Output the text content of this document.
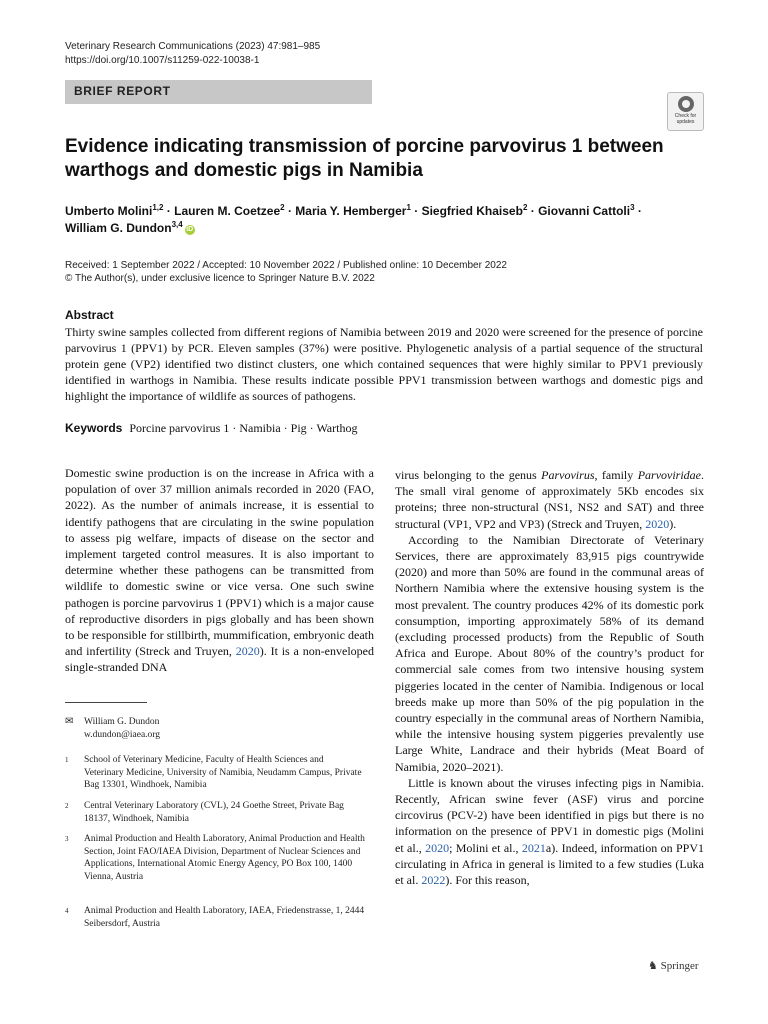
Veterinary Research Communications (2023) 47:981–985
https://doi.org/10.1007/s11259-022-10038-1
BRIEF REPORT
Check for updates
Evidence indicating transmission of porcine parvovirus 1 between warthogs and domestic pigs in Namibia
Umberto Molini$^{1,2}$ · Lauren M. Coetzee$^2$ · Maria Y. Hemberger$^1$ · Siegfried Khaiseb$^2$ · Giovanni Cattoli$^3$ ·
William G. Dundon$^{3,4}$iD
Received: 1 September 2022 / Accepted: 10 November 2022 / Published online: 10 December 2022
© The Author(s), under exclusive licence to Springer Nature B.V. 2022
Abstract
Thirty swine samples collected from different regions of Namibia between 2019 and 2020 were screened for the presence of porcine parvovirus 1 (PPV1) by PCR. Eleven samples (37%) were positive. Phylogenetic analysis of a partial sequence of the structural protein gene (VP2) identified two distinct clusters, one which contained sequences that were highly similar to PPV1 previously identified in warthogs in Namibia. These results indicate possible PPV1 transmission between warthogs and domestic pigs and highlight the importance of wildlife as sources of pathogens.
Keywords Porcine parvovirus 1 · Namibia · Pig · Warthog

Domestic swine production is on the increase in Africa with a population of over 37 million animals recorded in 2020 (FAO, 2022). As the number of animals increase, it is essential to identify pathogens that are circulating in the swine population to assess pig welfare, impacts of disease on the sector and implement targeted control measures. It is also important to determine whether these pathogens can be transmitted from wildlife to domestic swine or vice versa. One such swine pathogen is porcine parvovirus 1 (PPV1) which is a major cause of reproductive disorders in pigs globally and has been shown to be responsible for stillbirth, mummification, embryonic death and infertility (Streck and Truyen, 2020). It is a non-enveloped single-stranded DNA

✉ William G. Dundon
w.dundon@iaea.org
1 School of Veterinary Medicine, Faculty of Health Sciences and Veterinary Medicine, University of Namibia, Neudamm Campus, Private Bag 13301, Windhoek, Namibia
2 Central Veterinary Laboratory (CVL), 24 Goethe Street, Private Bag 18137, Windhoek, Namibia
3 Animal Production and Health Laboratory, Animal Production and Health Section, Joint FAO/IAEA Division, Department of Nuclear Sciences and Applications, International Atomic Energy Agency, PO Box 100, 1400 Vienna, Austria
4 Animal Production and Health Laboratory, IAEA, Friedenstrasse, 1, 2444 Seibersdorf, Austria

virus belonging to the genus Parvovirus, family Parvoviridae. The small viral genome of approximately 5Kb encodes six proteins; three non-structural (NS1, NS2 and SAT) and three structural (VP1, VP2 and VP3) (Streck and Truyen, 2020).

According to the Namibian Directorate of Veterinary Services, there are approximately 83,915 pigs countrywide (2020) and more than 50% are found in the communal areas of Northern Namibia where the extensive housing system is the most prevalent. The country produces 42% of its domestic pork consumption, importing approximately 58% of its demand (excluding processed products) from the Republic of South Africa and Europe. About 80% of the country’s product for commercial sale comes from two intensive housing system piggeries located in the center of Namibia. Indigenous or local breeds make up more than 50% of the pig population in the country especially in the communal areas of Northern Namibia, while the intensive housing system piggeries prevalently use Large White, Landrace and their hybrids (Meat Board of Namibia, 2020–2021).

Little is known about the viruses infecting pigs in Namibia. Recently, African swine fever (ASF) virus and porcine circovirus (PCV-2) have been identified in pigs but there is no information on the presence of PPV1 in domestic pigs (Molini et al., 2020; Molini et al., 2021a). Indeed, information on PPV1 circulating in Africa in general is limited to a few studies (Luka et al. 2022). For this reason,

♞ Springer
